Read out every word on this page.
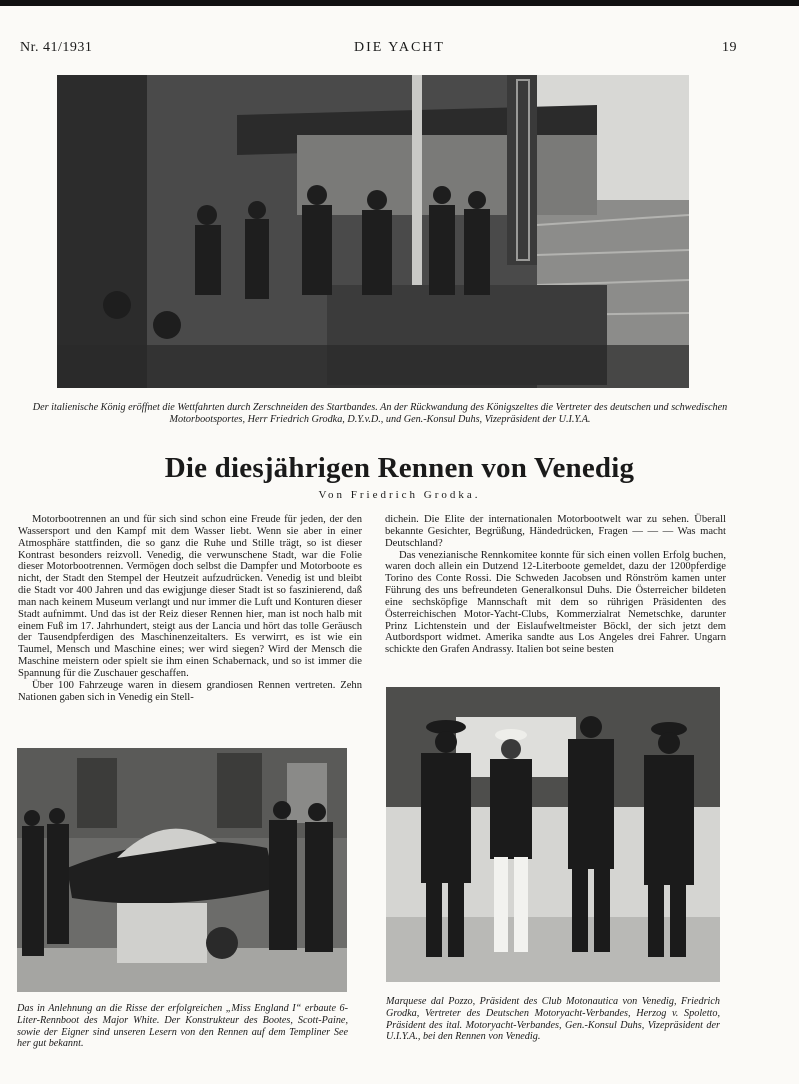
Nr. 41/1931	DIE YACHT	19
Der italienische König eröffnet die Wettfahrten durch Zerschneiden des Startbandes. An der Rückwandung des Königszeltes die Vertreter des deutschen und schwedischen Motorbootsportes, Herr Friedrich Grodka, D.Y.v.D., und Gen.-Konsul Duhs, Vizepräsident der U.I.Y.A.
Die diesjährigen Rennen von Venedig
Von Friedrich Grodka.

Motorbootrennen an und für sich sind schon eine Freude für jeden, der den Wassersport und den Kampf mit dem Wasser liebt. Wenn sie aber in einer Atmosphäre stattfinden, die so ganz die Ruhe und Stille trägt, so ist dieser Kontrast besonders reizvoll. Venedig, die verwunschene Stadt, war die Folie dieser Motorbootrennen. Vermögen doch selbst die Dampfer und Motorboote es nicht, der Stadt den Stempel der Heutzeit aufzudrücken. Venedig ist und bleibt die Stadt vor 400 Jahren und das ewigjunge dieser Stadt ist so faszinierend, daß man nach keinem Museum verlangt und nur immer die Luft und Konturen dieser Stadt aufnimmt. Und das ist der Reiz dieser Rennen hier, man ist noch halb mit einem Fuß im 17. Jahrhundert, steigt aus der Lancia und hört das tolle Geräusch der Tausendpferdigen des Maschinenzeitalters. Es verwirrt, es ist wie ein Taumel, Mensch und Maschine eines; wer wird siegen? Wird der Mensch die Maschine meistern oder spielt sie ihm einen Schabernack, und so ist immer die Spannung für die Zuschauer geschaffen.

Über 100 Fahrzeuge waren in diesem grandiosen Rennen vertreten. Zehn Nationen gaben sich in Venedig ein Stell-

dichein. Die Elite der internationalen Motorbootwelt war zu sehen. Überall bekannte Gesichter, Begrüßung, Händedrücken, Fragen — — — Was macht Deutschland?

Das venezianische Rennkomitee konnte für sich einen vollen Erfolg buchen, waren doch allein ein Dutzend 12-Literboote gemeldet, dazu der 1200pferdige Torino des Conte Rossi. Die Schweden Jacobsen und Rönström kamen unter Führung des uns befreundeten Generalkonsul Duhs. Die Österreicher bildeten eine sechsköpfige Mannschaft mit dem so rührigen Präsidenten des Österreichischen Motor-Yacht-Clubs, Kommerzialrat Nemetschke, darunter Prinz Lichtenstein und der Eislaufweltmeister Böckl, der sich jetzt dem Autbordsport widmet. Amerika sandte aus Los Angeles drei Fahrer. Ungarn schickte den Grafen Andrassy. Italien bot seine besten

Das in Anlehnung an die Risse der erfolgreichen „Miss England I“ erbaute 6-Liter-Rennboot des Major White. Der Konstrukteur des Bootes, Scott-Paine, sowie der Eigner sind unseren Lesern von den Rennen auf dem Templiner See her gut bekannt.
Marquese dal Pozzo, Präsident des Club Motonautica von Venedig, Friedrich Grodka, Vertreter des Deutschen Motoryacht-Verbandes, Herzog v. Spoletto, Präsident des ital. Motoryacht-Verbandes, Gen.-Konsul Duhs, Vizepräsident der U.I.Y.A., bei den Rennen von Venedig.
